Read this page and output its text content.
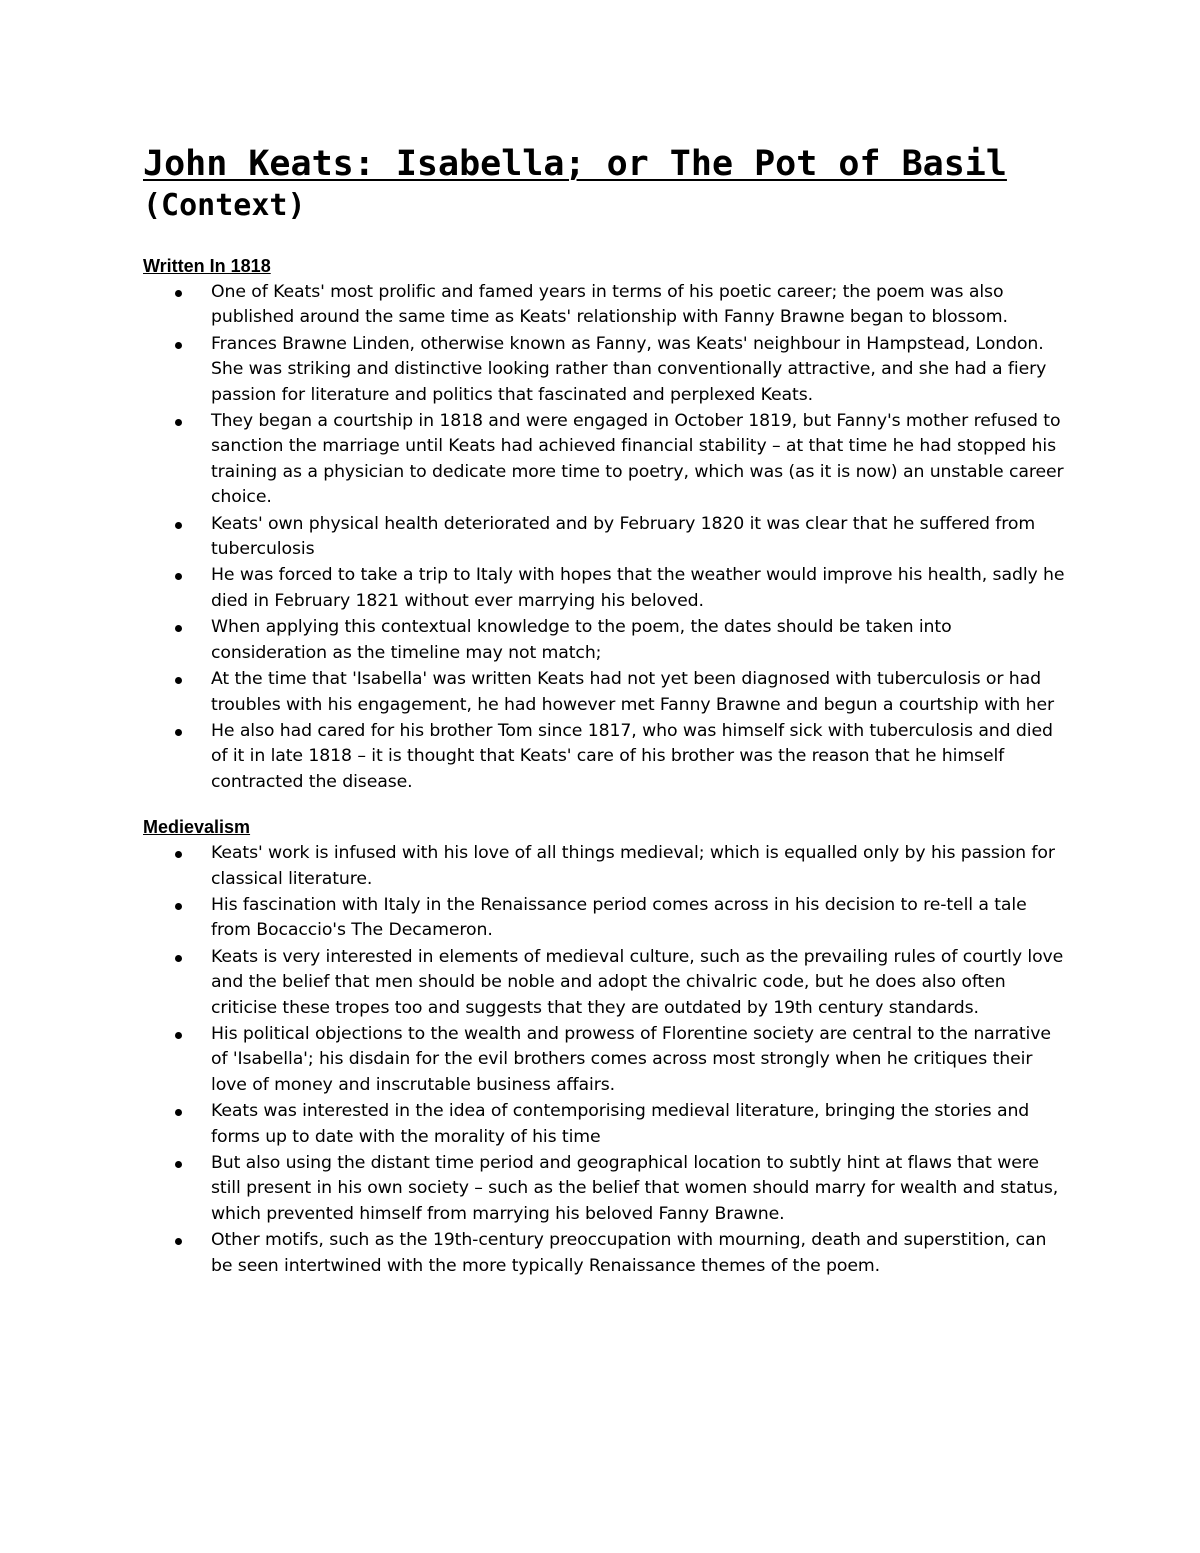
John Keats: Isabella; or The Pot of Basil
(Context)
Written In 1818
One of Keats' most prolific and famed years in terms of his poetic career; the poem was also published around the same time as Keats' relationship with Fanny Brawne began to blossom.
Frances Brawne Linden, otherwise known as Fanny, was Keats' neighbour in Hampstead, London. She was striking and distinctive looking rather than conventionally attractive, and she had a fiery passion for literature and politics that fascinated and perplexed Keats.
They began a courtship in 1818 and were engaged in October 1819, but Fanny's mother refused to sanction the marriage until Keats had achieved financial stability – at that time he had stopped his training as a physician to dedicate more time to poetry, which was (as it is now) an unstable career choice.
Keats' own physical health deteriorated and by February 1820 it was clear that he suffered from tuberculosis
He was forced to take a trip to Italy with hopes that the weather would improve his health, sadly he died in February 1821 without ever marrying his beloved.
When applying this contextual knowledge to the poem, the dates should be taken into consideration as the timeline may not match;
At the time that 'Isabella' was written Keats had not yet been diagnosed with tuberculosis or had troubles with his engagement, he had however met Fanny Brawne and begun a courtship with her
He also had cared for his brother Tom since 1817, who was himself sick with tuberculosis and died of it in late 1818 – it is thought that Keats' care of his brother was the reason that he himself contracted the disease.
Medievalism
Keats' work is infused with his love of all things medieval; which is equalled only by his passion for classical literature.
His fascination with Italy in the Renaissance period comes across in his decision to re-tell a tale from Bocaccio's The Decameron.
Keats is very interested in elements of medieval culture, such as the prevailing rules of courtly love and the belief that men should be noble and adopt the chivalric code, but he does also often criticise these tropes too and suggests that they are outdated by 19th century standards.
His political objections to the wealth and prowess of Florentine society are central to the narrative of 'Isabella'; his disdain for the evil brothers comes across most strongly when he critiques their love of money and inscrutable business affairs.
Keats was interested in the idea of contemporising medieval literature, bringing the stories and forms up to date with the morality of his time
But also using the distant time period and geographical location to subtly hint at flaws that were still present in his own society – such as the belief that women should marry for wealth and status, which prevented himself from marrying his beloved Fanny Brawne.
Other motifs, such as the 19th-century preoccupation with mourning, death and superstition, can be seen intertwined with the more typically Renaissance themes of the poem.
